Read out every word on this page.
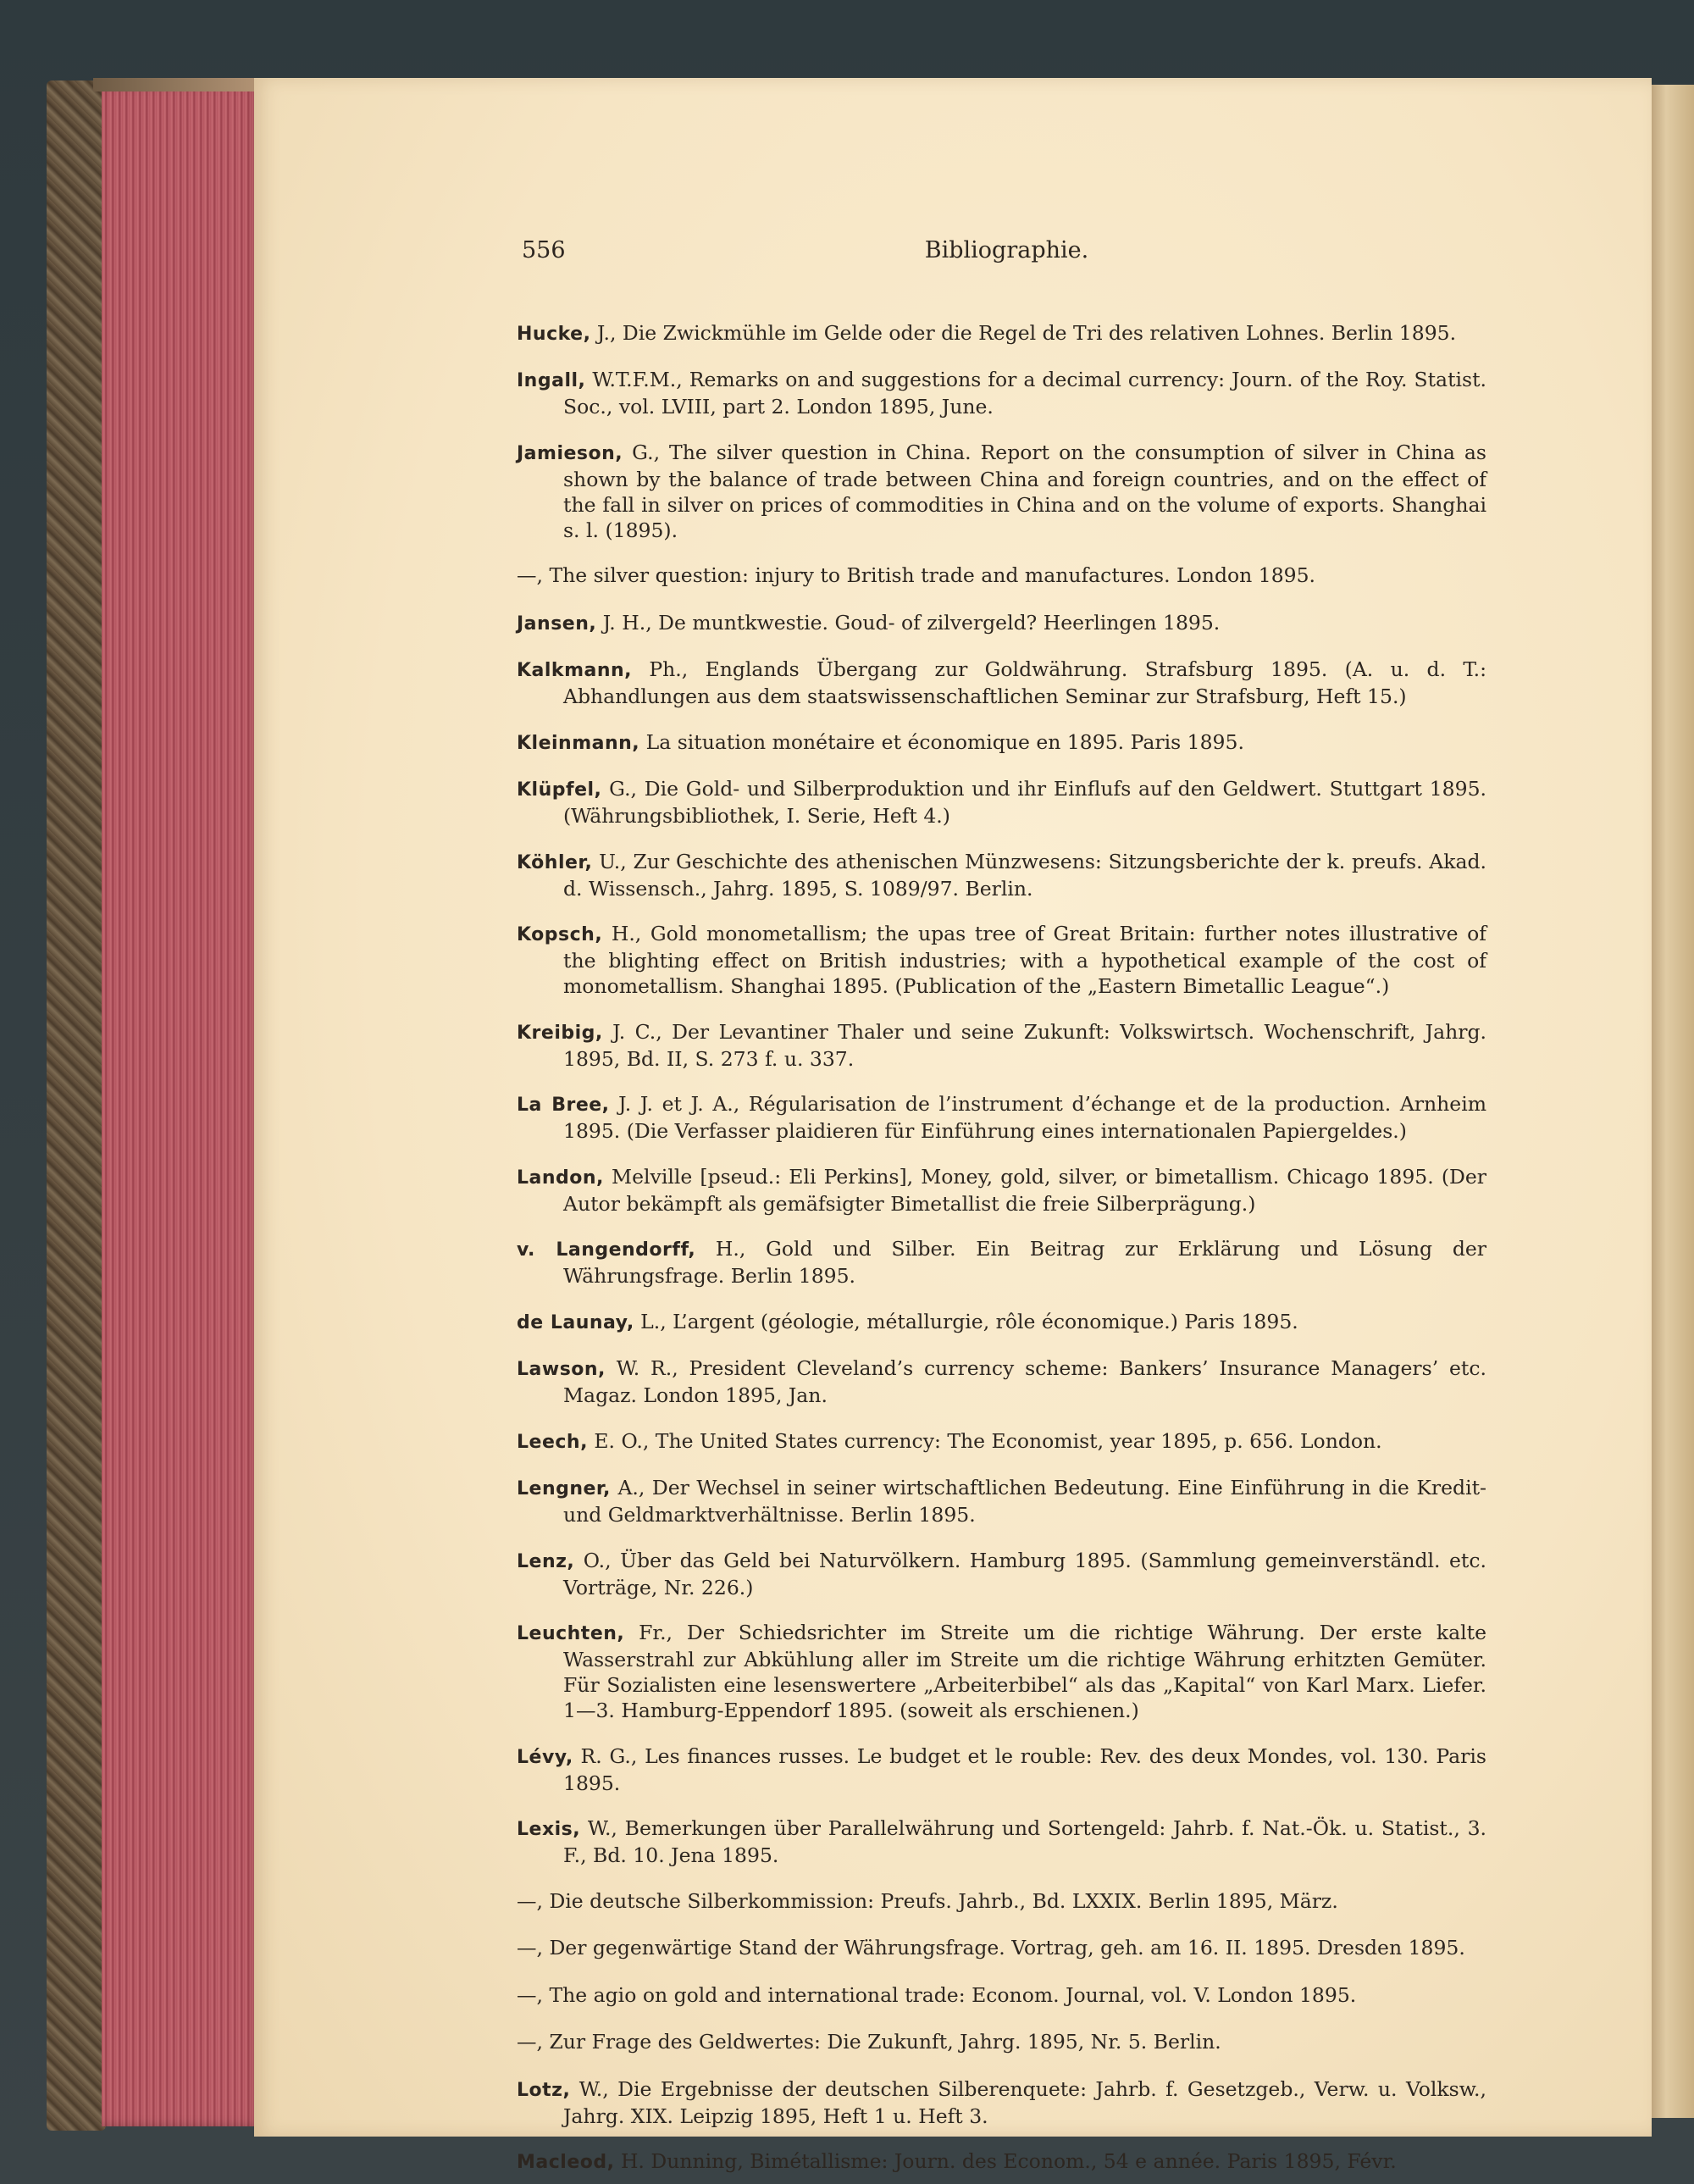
556	Bibliographie.

Hucke, J., Die Zwickmühle im Gelde oder die Regel de Tri des relativen Lohnes. Berlin 1895.

Ingall, W.T.F.M., Remarks on and suggestions for a decimal currency: Journ. of the Roy. Statist. Soc., vol. LVIII, part 2. London 1895, June.

Jamieson, G., The silver question in China. Report on the consumption of silver in China as shown by the balance of trade between China and foreign countries, and on the effect of the fall in silver on prices of commodities in China and on the volume of exports. Shanghai s. l. (1895).

—, The silver question: injury to British trade and manufactures. London 1895.

Jansen, J. H., De muntkwestie. Goud- of zilvergeld? Heerlingen 1895.

Kalkmann, Ph., Englands Übergang zur Goldwährung. Strafsburg 1895. (A. u. d. T.: Abhandlungen aus dem staatswissenschaftlichen Seminar zur Strafsburg, Heft 15.)

Kleinmann, La situation monétaire et économique en 1895. Paris 1895.

Klüpfel, G., Die Gold- und Silberproduktion und ihr Einflufs auf den Geldwert. Stuttgart 1895. (Währungsbibliothek, I. Serie, Heft 4.)

Köhler, U., Zur Geschichte des athenischen Münzwesens: Sitzungsberichte der k. preufs. Akad. d. Wissensch., Jahrg. 1895, S. 1089/97. Berlin.

Kopsch, H., Gold monometallism; the upas tree of Great Britain: further notes illustrative of the blighting effect on British industries; with a hypothetical example of the cost of monometallism. Shanghai 1895. (Publication of the „Eastern Bimetallic League“.)

Kreibig, J. C., Der Levantiner Thaler und seine Zukunft: Volkswirtsch. Wochenschrift, Jahrg. 1895, Bd. II, S. 273 f. u. 337.

La Bree, J. J. et J. A., Régularisation de l’instrument d’échange et de la production. Arnheim 1895. (Die Verfasser plaidieren für Einführung eines internationalen Papiergeldes.)

Landon, Melville [pseud.: Eli Perkins], Money, gold, silver, or bimetallism. Chicago 1895. (Der Autor bekämpft als gemäfsigter Bimetallist die freie Silberprägung.)

v. Langendorff, H., Gold und Silber. Ein Beitrag zur Erklärung und Lösung der Währungsfrage. Berlin 1895.

de Launay, L., L’argent (géologie, métallurgie, rôle économique.) Paris 1895.

Lawson, W. R., President Cleveland’s currency scheme: Bankers’ Insurance Managers’ etc. Magaz. London 1895, Jan.

Leech, E. O., The United States currency: The Economist, year 1895, p. 656. London.

Lengner, A., Der Wechsel in seiner wirtschaftlichen Bedeutung. Eine Einführung in die Kredit- und Geldmarktverhältnisse. Berlin 1895.

Lenz, O., Über das Geld bei Naturvölkern. Hamburg 1895. (Sammlung gemeinverständl. etc. Vorträge, Nr. 226.)

Leuchten, Fr., Der Schiedsrichter im Streite um die richtige Währung. Der erste kalte Wasserstrahl zur Abkühlung aller im Streite um die richtige Währung erhitzten Gemüter. Für Sozialisten eine lesenswertere „Arbeiterbibel“ als das „Kapital“ von Karl Marx. Liefer. 1—3. Hamburg-Eppendorf 1895. (soweit als erschienen.)

Lévy, R. G., Les finances russes. Le budget et le rouble: Rev. des deux Mondes, vol. 130. Paris 1895.

Lexis, W., Bemerkungen über Parallelwährung und Sortengeld: Jahrb. f. Nat.-Ök. u. Statist., 3. F., Bd. 10. Jena 1895.

—, Die deutsche Silberkommission: Preufs. Jahrb., Bd. LXXIX. Berlin 1895, März.

—, Der gegenwärtige Stand der Währungsfrage. Vortrag, geh. am 16. II. 1895. Dresden 1895.

—, The agio on gold and international trade: Econom. Journal, vol. V. London 1895.

—, Zur Frage des Geldwertes: Die Zukunft, Jahrg. 1895, Nr. 5. Berlin.

Lotz, W., Die Ergebnisse der deutschen Silberenquete: Jahrb. f. Gesetzgeb., Verw. u. Volksw., Jahrg. XIX. Leipzig 1895, Heft 1 u. Heft 3.

Macleod, H. Dunning, Bimétallisme: Journ. des Econom., 54 e année. Paris 1895, Févr.
